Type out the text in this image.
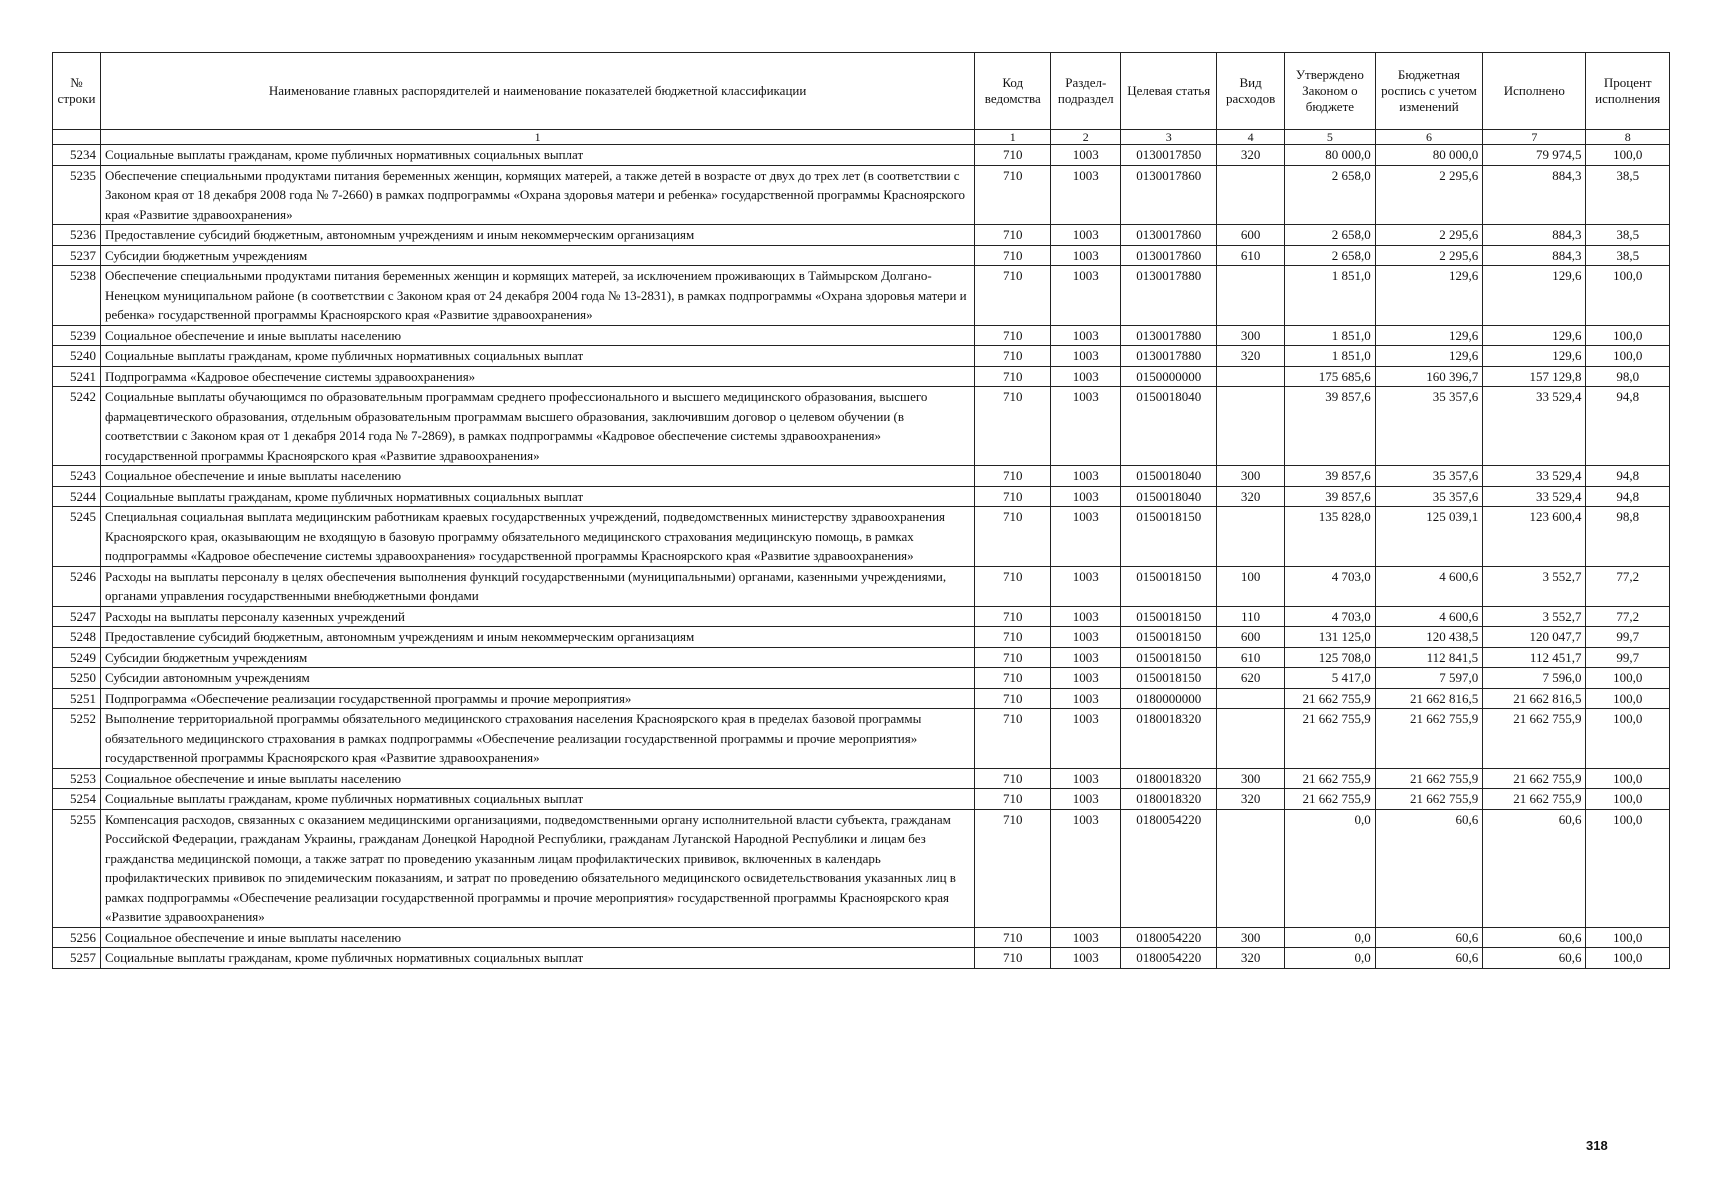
№ строки	Наименование главных распорядителей и наименование показателей бюджетной классификации	Код ведомства	Раздел-подраздел	Целевая статья	Вид расходов	Утверждено Законом о бюджете	Бюджетная роспись с учетом изменений	Исполнено	Процент исполнения
	1	1	2	3	4	5	6	7	8
5234	Социальные выплаты гражданам, кроме публичных нормативных социальных выплат	710	1003	0130017850	320	80 000,0	80 000,0	79 974,5	100,0
5235	Обеспечение специальными продуктами питания беременных женщин, кормящих матерей, а также детей в возрасте от двух до трех лет (в соответствии с Законом края от 18 декабря 2008 года № 7-2660) в рамках подпрограммы «Охрана здоровья матери и ребенка» государственной программы Красноярского края «Развитие здравоохранения»	710	1003	0130017860		2 658,0	2 295,6	884,3	38,5
5236	Предоставление субсидий бюджетным, автономным учреждениям и иным некоммерческим организациям	710	1003	0130017860	600	2 658,0	2 295,6	884,3	38,5
5237	Субсидии бюджетным учреждениям	710	1003	0130017860	610	2 658,0	2 295,6	884,3	38,5
5238	Обеспечение специальными продуктами питания беременных женщин и кормящих матерей, за исключением проживающих в Таймырском Долгано-Ненецком муниципальном районе (в соответствии с Законом края от 24 декабря 2004 года № 13-2831), в рамках подпрограммы «Охрана здоровья матери и ребенка» государственной программы Красноярского края «Развитие здравоохранения»	710	1003	0130017880		1 851,0	129,6	129,6	100,0
5239	Социальное обеспечение и иные выплаты населению	710	1003	0130017880	300	1 851,0	129,6	129,6	100,0
5240	Социальные выплаты гражданам, кроме публичных нормативных социальных выплат	710	1003	0130017880	320	1 851,0	129,6	129,6	100,0
5241	Подпрограмма «Кадровое обеспечение системы здравоохранения»	710	1003	0150000000		175 685,6	160 396,7	157 129,8	98,0
5242	Социальные выплаты обучающимся по образовательным программам среднего профессионального и высшего медицинского образования, высшего фармацевтического образования, отдельным образовательным программам высшего образования, заключившим договор о целевом обучении (в соответствии с Законом края от 1 декабря 2014 года № 7-2869), в рамках подпрограммы «Кадровое обеспечение системы здравоохранения» государственной программы Красноярского края «Развитие здравоохранения»	710	1003	0150018040		39 857,6	35 357,6	33 529,4	94,8
5243	Социальное обеспечение и иные выплаты населению	710	1003	0150018040	300	39 857,6	35 357,6	33 529,4	94,8
5244	Социальные выплаты гражданам, кроме публичных нормативных социальных выплат	710	1003	0150018040	320	39 857,6	35 357,6	33 529,4	94,8
5245	Специальная социальная выплата медицинским работникам краевых государственных учреждений, подведомственных министерству здравоохранения Красноярского края, оказывающим не входящую в базовую программу обязательного медицинского страхования медицинскую помощь, в рамках подпрограммы «Кадровое обеспечение системы здравоохранения» государственной программы Красноярского края «Развитие здравоохранения»	710	1003	0150018150		135 828,0	125 039,1	123 600,4	98,8
5246	Расходы на выплаты персоналу в целях обеспечения выполнения функций государственными (муниципальными) органами, казенными учреждениями, органами управления государственными внебюджетными фондами	710	1003	0150018150	100	4 703,0	4 600,6	3 552,7	77,2
5247	Расходы на выплаты персоналу казенных учреждений	710	1003	0150018150	110	4 703,0	4 600,6	3 552,7	77,2
5248	Предоставление субсидий бюджетным, автономным учреждениям и иным некоммерческим организациям	710	1003	0150018150	600	131 125,0	120 438,5	120 047,7	99,7
5249	Субсидии бюджетным учреждениям	710	1003	0150018150	610	125 708,0	112 841,5	112 451,7	99,7
5250	Субсидии автономным учреждениям	710	1003	0150018150	620	5 417,0	7 597,0	7 596,0	100,0
5251	Подпрограмма «Обеспечение реализации государственной программы и прочие мероприятия»	710	1003	0180000000		21 662 755,9	21 662 816,5	21 662 816,5	100,0
5252	Выполнение территориальной программы обязательного медицинского страхования населения Красноярского края в пределах базовой программы обязательного медицинского страхования в рамках подпрограммы «Обеспечение реализации государственной программы и прочие мероприятия» государственной программы Красноярского края «Развитие здравоохранения»	710	1003	0180018320		21 662 755,9	21 662 755,9	21 662 755,9	100,0
5253	Социальное обеспечение и иные выплаты населению	710	1003	0180018320	300	21 662 755,9	21 662 755,9	21 662 755,9	100,0
5254	Социальные выплаты гражданам, кроме публичных нормативных социальных выплат	710	1003	0180018320	320	21 662 755,9	21 662 755,9	21 662 755,9	100,0
5255	Компенсация расходов, связанных с оказанием медицинскими организациями, подведомственными органу исполнительной власти субъекта, гражданам Российской Федерации, гражданам Украины, гражданам Донецкой Народной Республики, гражданам Луганской Народной Республики и лицам без гражданства медицинской помощи, а также затрат по проведению указанным лицам профилактических прививок, включенных в календарь профилактических прививок по эпидемическим показаниям, и затрат по проведению обязательного медицинского освидетельствования указанных лиц в рамках подпрограммы «Обеспечение реализации государственной программы и прочие мероприятия» государственной программы Красноярского края «Развитие здравоохранения»	710	1003	0180054220		0,0	60,6	60,6	100,0
5256	Социальное обеспечение и иные выплаты населению	710	1003	0180054220	300	0,0	60,6	60,6	100,0
5257	Социальные выплаты гражданам, кроме публичных нормативных социальных выплат	710	1003	0180054220	320	0,0	60,6	60,6	100,0
318
